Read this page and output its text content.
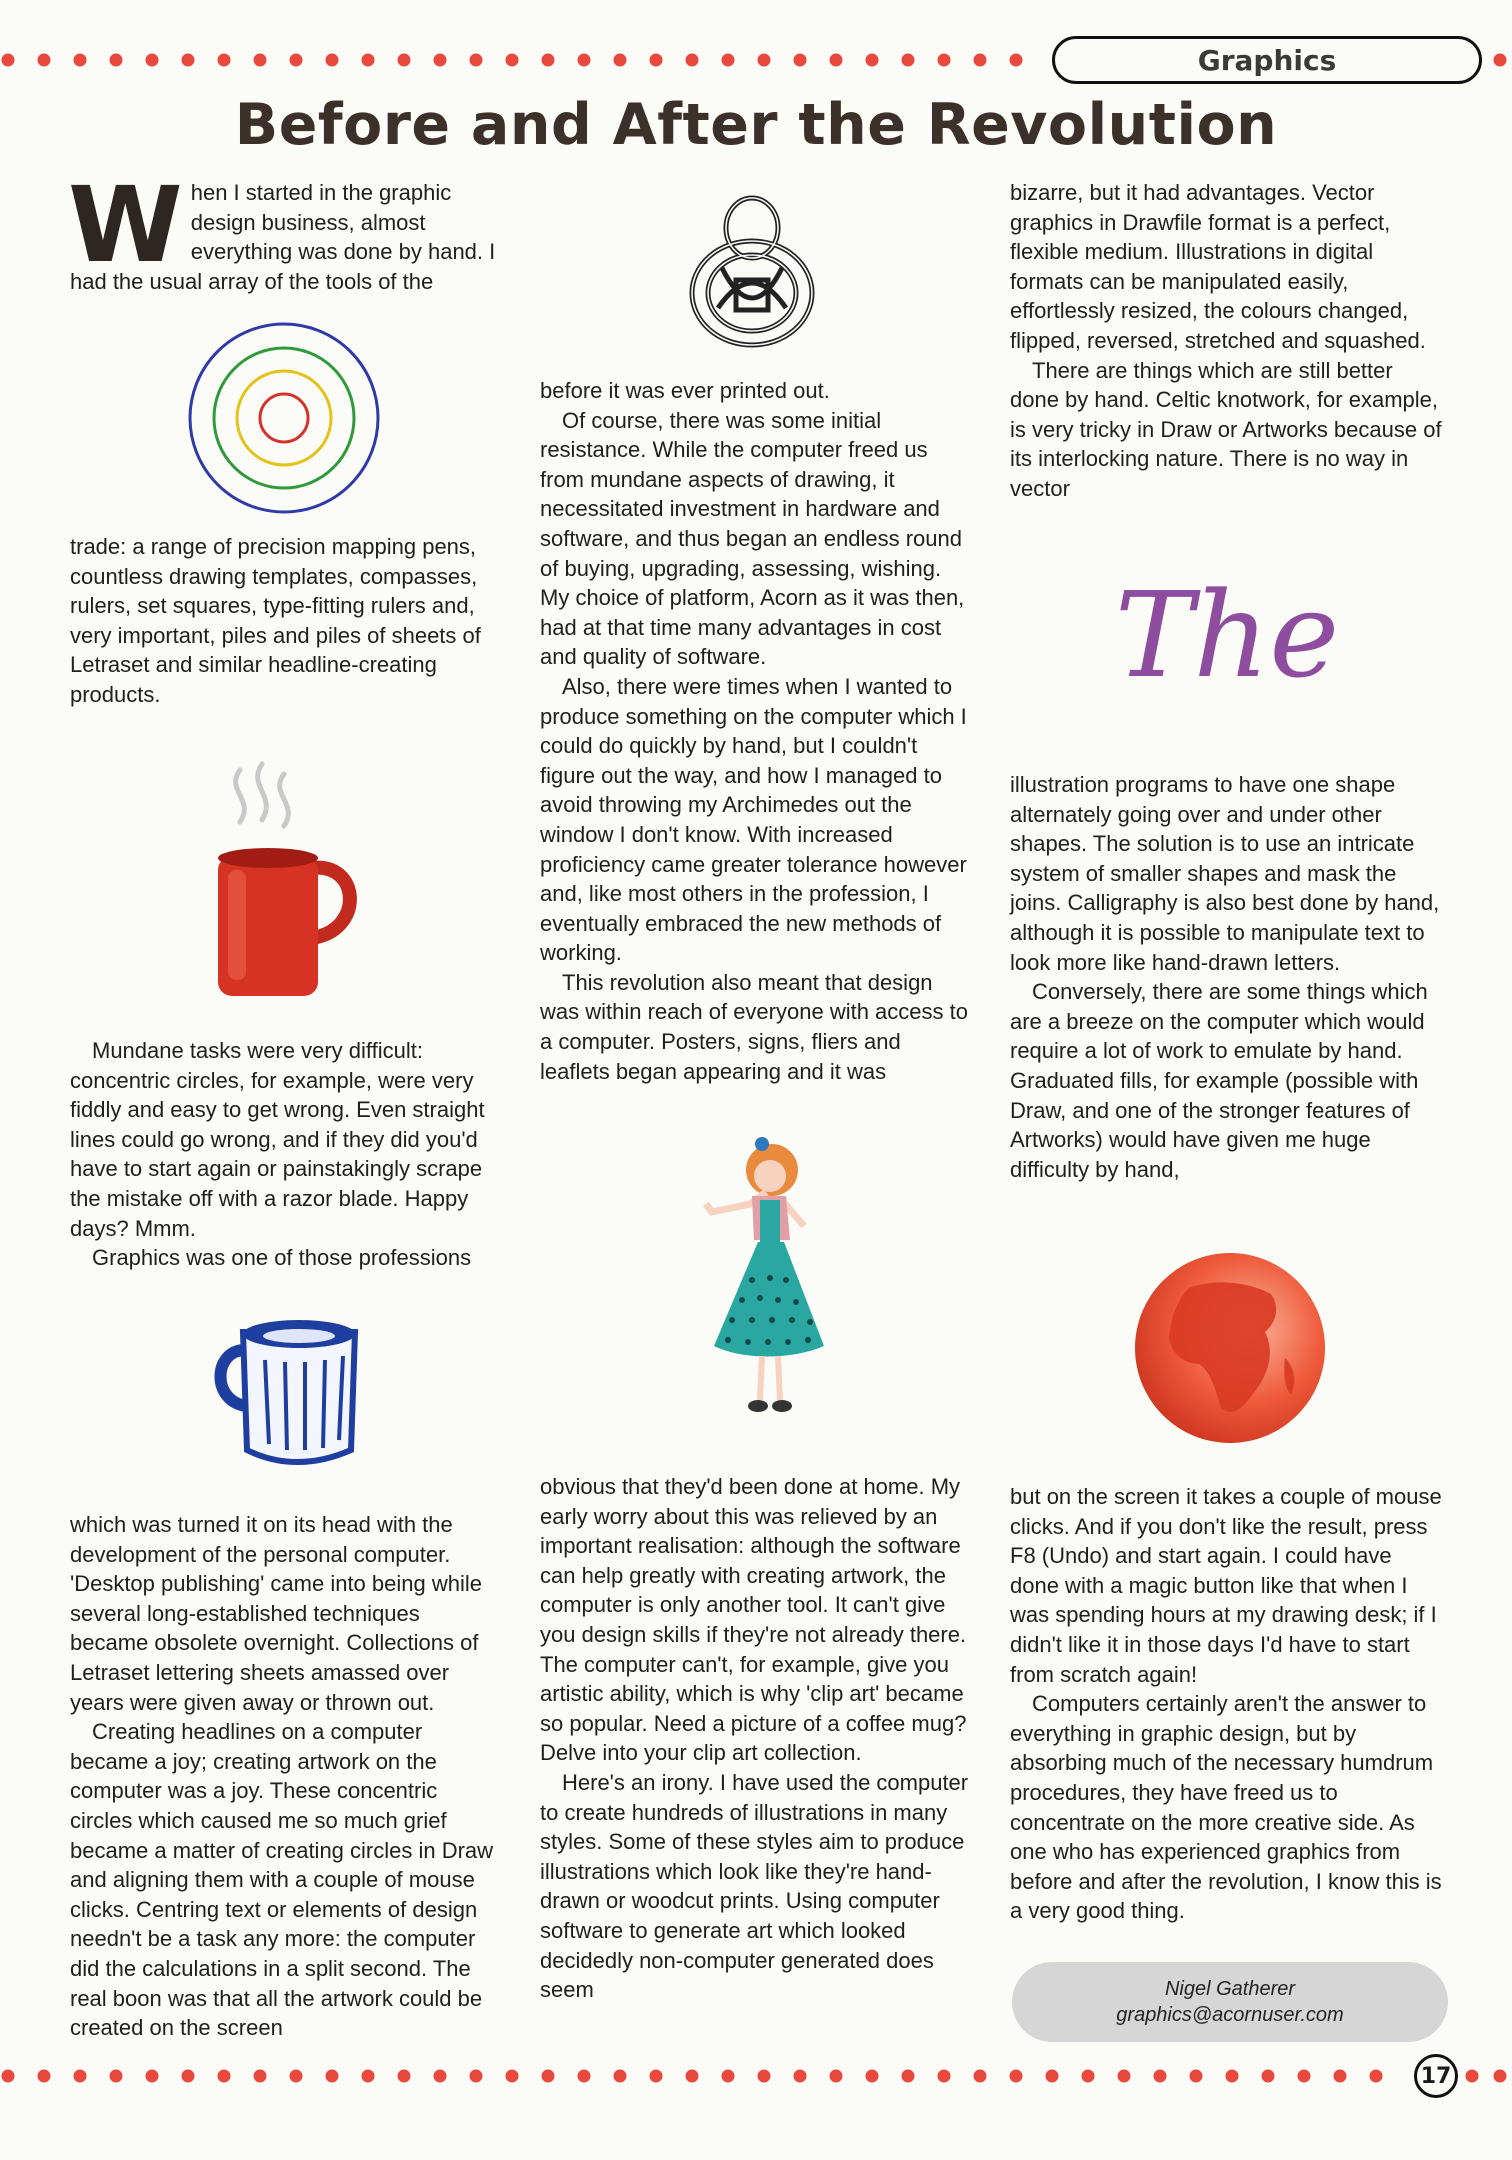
Graphics
Before and After the Revolution

When I started in the graphic design business, almost everything was done by hand. I had the usual array of the tools of the

trade: a range of precision mapping pens, countless drawing templates, compasses, rulers, set squares, type-fitting rulers and, very important, piles and piles of sheets of Letraset and similar headline-creating products.

Mundane tasks were very difficult: concentric circles, for example, were very fiddly and easy to get wrong. Even straight lines could go wrong, and if they did you'd have to start again or painstakingly scrape the mistake off with a razor blade. Happy days? Mmm.

Graphics was one of those professions

which was turned it on its head with the development of the personal computer. 'Desktop publishing' came into being while several long-established techniques became obsolete overnight. Collections of Letraset lettering sheets amassed over years were given away or thrown out.

Creating headlines on a computer became a joy; creating artwork on the computer was a joy. These concentric circles which caused me so much grief became a matter of creating circles in Draw and aligning them with a couple of mouse clicks. Centring text or elements of design needn't be a task any more: the computer did the calculations in a split second. The real boon was that all the artwork could be created on the screen

before it was ever printed out.

Of course, there was some initial resistance. While the computer freed us from mundane aspects of drawing, it necessitated investment in hardware and software, and thus began an endless round of buying, upgrading, assessing, wishing. My choice of platform, Acorn as it was then, had at that time many advantages in cost and quality of software.

Also, there were times when I wanted to produce something on the computer which I could do quickly by hand, but I couldn't figure out the way, and how I managed to avoid throwing my Archimedes out the window I don't know. With increased proficiency came greater tolerance however and, like most others in the profession, I eventually embraced the new methods of working.

This revolution also meant that design was within reach of everyone with access to a computer. Posters, signs, fliers and leaflets began appearing and it was

obvious that they'd been done at home. My early worry about this was relieved by an important realisation: although the software can help greatly with creating artwork, the computer is only another tool. It can't give you design skills if they're not already there. The computer can't, for example, give you artistic ability, which is why 'clip art' became so popular. Need a picture of a coffee mug? Delve into your clip art collection.

Here's an irony. I have used the computer to create hundreds of illustrations in many styles. Some of these styles aim to produce illustrations which look like they're hand-drawn or woodcut prints. Using computer software to generate art which looked decidedly non-computer generated does seem

bizarre, but it had advantages. Vector graphics in Drawfile format is a perfect, flexible medium. Illustrations in digital formats can be manipulated easily, effortlessly resized, the colours changed, flipped, reversed, stretched and squashed.

There are things which are still better done by hand. Celtic knotwork, for example, is very tricky in Draw or Artworks because of its interlocking nature. There is no way in vector

The

illustration programs to have one shape alternately going over and under other shapes. The solution is to use an intricate system of smaller shapes and mask the joins. Calligraphy is also best done by hand, although it is possible to manipulate text to look more like hand-drawn letters.

Conversely, there are some things which are a breeze on the computer which would require a lot of work to emulate by hand. Graduated fills, for example (possible with Draw, and one of the stronger features of Artworks) would have given me huge difficulty by hand,

but on the screen it takes a couple of mouse clicks. And if you don't like the result, press F8 (Undo) and start again. I could have done with a magic button like that when I was spending hours at my drawing desk; if I didn't like it in those days I'd have to start from scratch again!

Computers certainly aren't the answer to everything in graphic design, but by absorbing much of the necessary humdrum procedures, they have freed us to concentrate on the more creative side. As one who has experienced graphics from before and after the revolution, I know this is a very good thing.

Nigel Gatherer
graphics@acornuser.com
17
